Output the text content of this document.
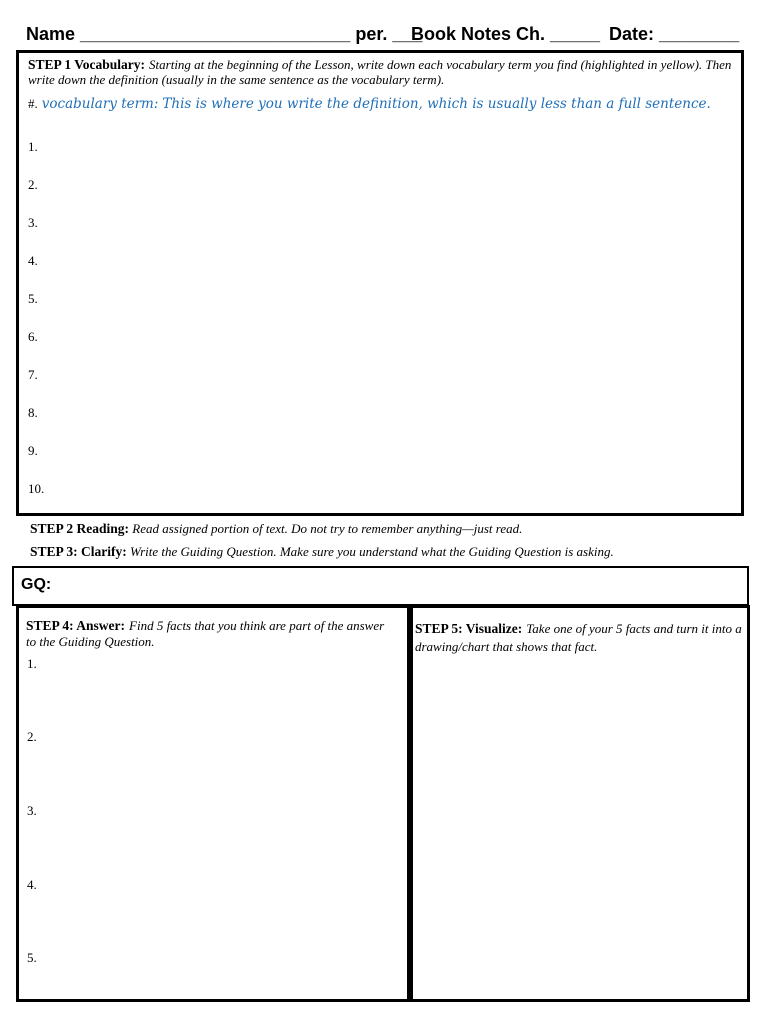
Name ___________________________ per. ___
Book Notes Ch. _____ Date: ________
STEP 1 Vocabulary: Starting at the beginning of the Lesson, write down each vocabulary term you find (highlighted in yellow). Then write down the definition (usually in the same sentence as the vocabulary term).
#. vocabulary term: This is where you write the definition, which is usually less than a full sentence.
1.
2.
3.
4.
5.
6.
7.
8.
9.
10.
STEP 2 Reading: Read assigned portion of text. Do not try to remember anything—just read.
STEP 3: Clarify: Write the Guiding Question. Make sure you understand what the Guiding Question is asking.
GQ:
STEP 4: Answer: Find 5 facts that you think are part of the answer to the Guiding Question.
1.
2.
3.
4.
5.
STEP 5: Visualize: Take one of your 5 facts and turn it into a drawing/chart that shows that fact.
